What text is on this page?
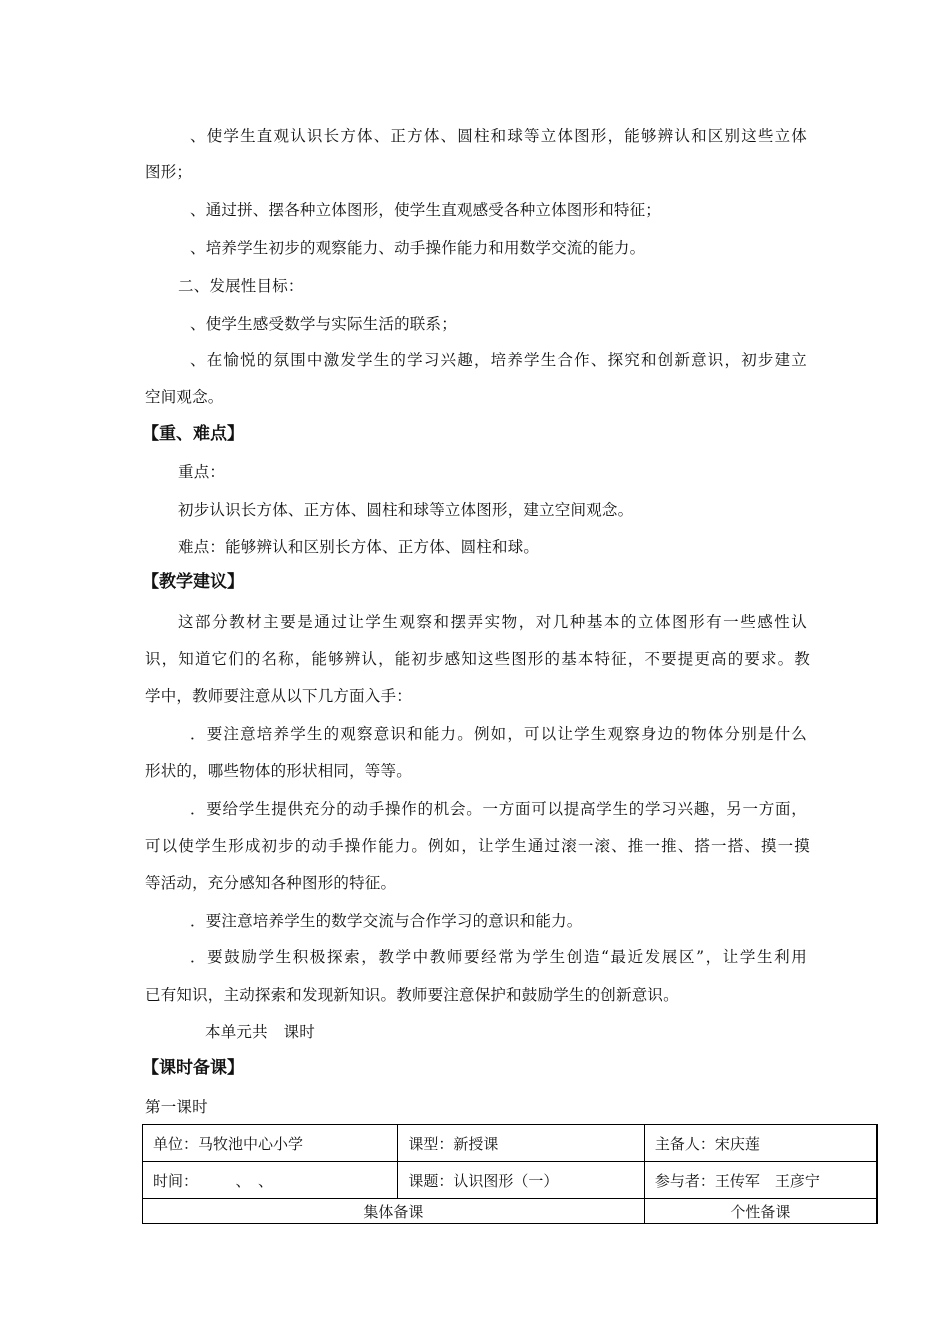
、使学生直观认识长方体、正方体、圆柱和球等立体图形，能够辨认和区别这些立体
图形；
、通过拼、摆各种立体图形，使学生直观感受各种立体图形和特征；
、培养学生初步的观察能力、动手操作能力和用数学交流的能力。
二、发展性目标：
、使学生感受数学与实际生活的联系；
、在愉悦的氛围中激发学生的学习兴趣，培养学生合作、探究和创新意识，初步建立
空间观念。
【重、难点】
重点：
初步认识长方体、正方体、圆柱和球等立体图形，建立空间观念。
难点：能够辨认和区别长方体、正方体、圆柱和球。
【教学建议】
这部分教材主要是通过让学生观察和摆弄实物，对几种基本的立体图形有一些感性认
识，知道它们的名称，能够辨认，能初步感知这些图形的基本特征，不要提更高的要求。教
学中，教师要注意从以下几方面入手：
．要注意培养学生的观察意识和能力。例如，可以让学生观察身边的物体分别是什么
形状的，哪些物体的形状相同，等等。
．要给学生提供充分的动手操作的机会。一方面可以提高学生的学习兴趣，另一方面，
可以使学生形成初步的动手操作能力。例如，让学生通过滚一滚、推一推、搭一搭、摸一摸
等活动，充分感知各种图形的特征。
．要注意培养学生的数学交流与合作学习的意识和能力。
．要鼓励学生积极探索，教学中教师要经常为学生创造“最近发展区”，让学生利用
已有知识，主动探索和发现新知识。教师要注意保护和鼓励学生的创新意识。
本单元共　课时
【课时备课】
第一课时
单位：马牧池中心小学	课型：新授课	主备人：宋庆莲
时间：　　　、　、	课题：认识图形（一）	参与者：王传军　王彦宁
集体备课		个性备课
